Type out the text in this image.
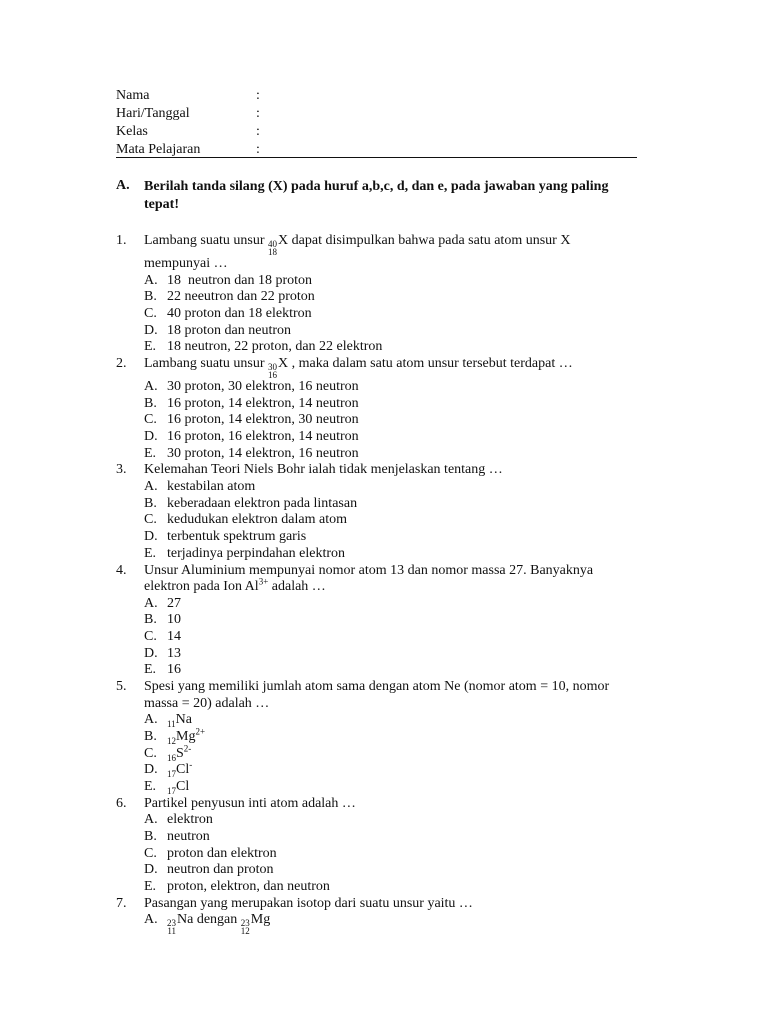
Nama	:
Hari/Tanggal	:
Kelas	:
Mata Pelajaran	:
A. Berilah tanda silang (X) pada huruf a,b,c, d, dan e, pada jawaban yang paling tepat!
1. Lambang suatu unsur 40
18
X dapat disimpulkan bahwa pada satu atom unsur X mempunyai …
A. 18  neutron dan 18 proton
B. 22 neeutron dan 22 proton
C. 40 proton dan 18 elektron
D. 18 proton dan neutron
E. 18 neutron, 22 proton, dan 22 elektron
2. Lambang suatu unsur 30
16
X , maka dalam satu atom unsur tersebut terdapat …
A. 30 proton, 30 elektron, 16 neutron
B. 16 proton, 14 elektron, 14 neutron
C. 16 proton, 14 elektron, 30 neutron
D. 16 proton, 16 elektron, 14 neutron
E. 30 proton, 14 elektron, 16 neutron
3. Kelemahan Teori Niels Bohr ialah tidak menjelaskan tentang …
A. kestabilan atom
B. keberadaan elektron pada lintasan
C. kedudukan elektron dalam atom
D. terbentuk spektrum garis
E. terjadinya perpindahan elektron
4. Unsur Aluminium mempunyai nomor atom 13 dan nomor massa 27. Banyaknya elektron pada Ion $Al^{3+}$ adalah …
A. 27
B. 10
C. 14
D. 13
E. 16
5. Spesi yang memiliki jumlah atom sama dengan atom Ne (nomor atom = 10, nomor massa = 20) adalah …
A. $_{11}$Na
B. $_{12}Mg^{2+}$
C. $_{16}S^{2-}$
D. $_{17}$Cl-
E. $_{17}$Cl
6. Partikel penyusun inti atom adalah …
A. elektron
B. neutron
C. proton dan elektron
D. neutron dan proton
E. proton, elektron, dan neutron
7. Pasangan yang merupakan isotop dari suatu unsur yaitu …
A. 23
11
Na dengan 23
12
Mg
